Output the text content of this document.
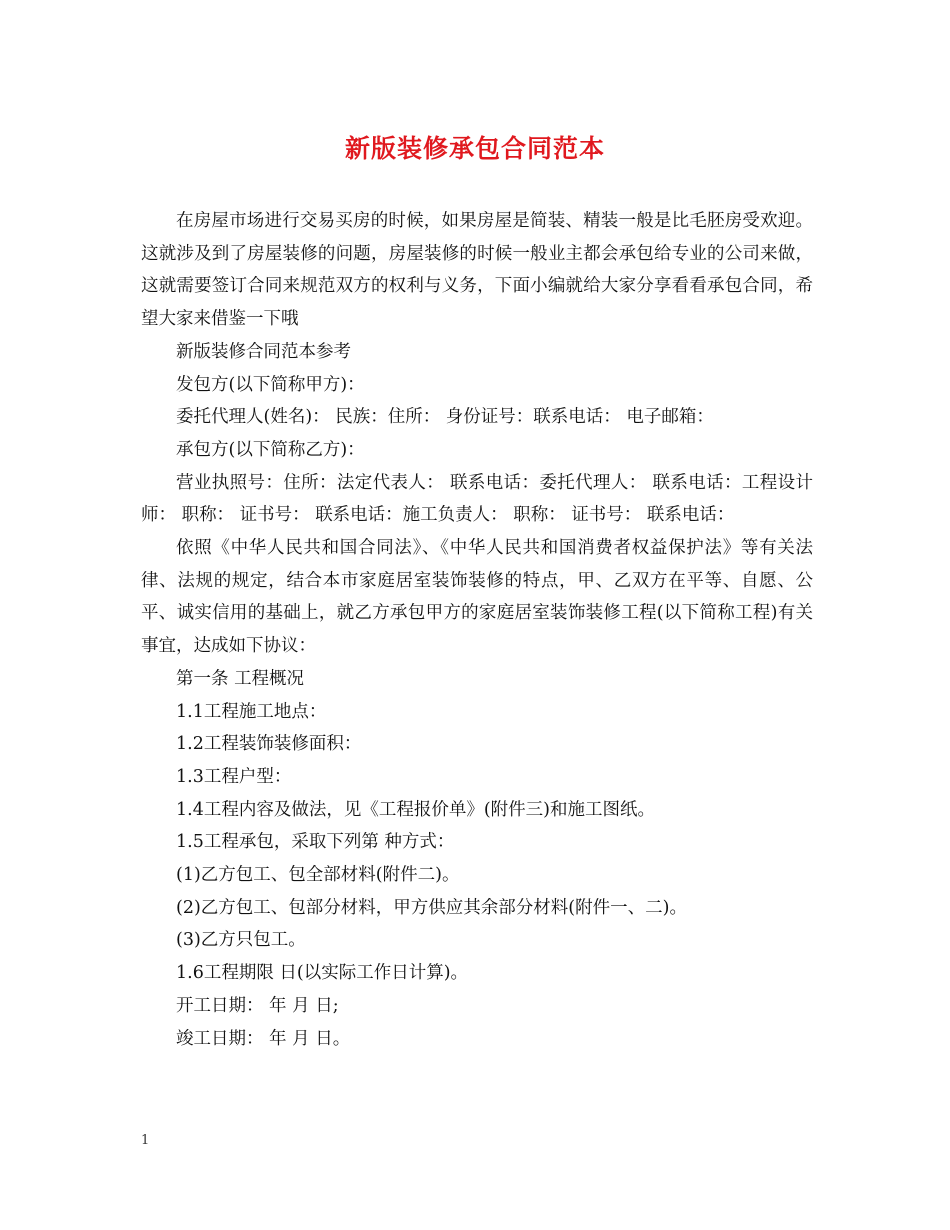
新版装修承包合同范本

在房屋市场进行交易买房的时候，如果房屋是简装、精装一般是比毛胚房受欢迎。这就涉及到了房屋装修的问题，房屋装修的时候一般业主都会承包给专业的公司来做，这就需要签订合同来规范双方的权利与义务，下面小编就给大家分享看看承包合同，希望大家来借鉴一下哦

新版装修合同范本参考

发包方(以下简称甲方)：

委托代理人(姓名)： 民族：住所： 身份证号：联系电话： 电子邮箱：

承包方(以下简称乙方)：

营业执照号：住所：法定代表人： 联系电话：委托代理人： 联系电话：工程设计师： 职称： 证书号： 联系电话：施工负责人： 职称： 证书号： 联系电话：

依照《中华人民共和国合同法》、《中华人民共和国消费者权益保护法》等有关法律、法规的规定，结合本市家庭居室装饰装修的特点，甲、乙双方在平等、自愿、公平、诚实信用的基础上，就乙方承包甲方的家庭居室装饰装修工程(以下简称工程)有关事宜，达成如下协议：

第一条 工程概况

1.1工程施工地点：

1.2工程装饰装修面积：

1.3工程户型：

1.4工程内容及做法，见《工程报价单》(附件三)和施工图纸。

1.5工程承包，采取下列第 种方式：

(1)乙方包工、包全部材料(附件二)。

(2)乙方包工、包部分材料，甲方供应其余部分材料(附件一、二)。

(3)乙方只包工。

1.6工程期限 日(以实际工作日计算)。

开工日期： 年 月 日;

竣工日期： 年 月 日。

1
